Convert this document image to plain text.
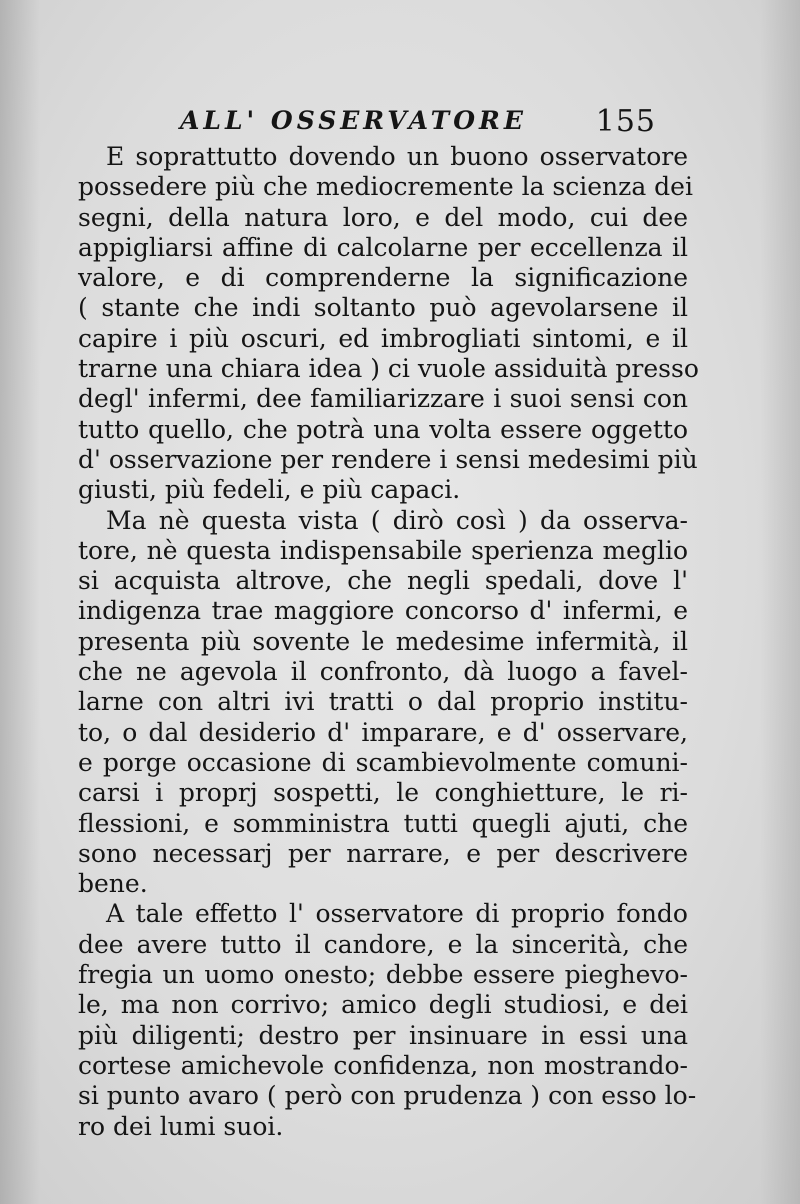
ALL' OSSERVATORE 155
E soprattutto dovendo un buono osservatore
possedere più che mediocremente la scienza dei
segni, della natura loro, e del modo, cui dee
appigliarsi affine di calcolarne per eccellenza il
valore, e di comprenderne la significazione
( stante che indi soltanto può agevolarsene il
capire i più oscuri, ed imbrogliati sintomi, e il
trarne una chiara idea ) ci vuole assiduità presso
degl' infermi, dee familiarizzare i suoi sensi con
tutto quello, che potrà una volta essere oggetto
d' osservazione per rendere i sensi medesimi più
giusti, più fedeli, e più capaci.
Ma nè questa vista ( dirò così ) da osserva-
tore, nè questa indispensabile sperienza meglio
si acquista altrove, che negli spedali, dove l'
indigenza trae maggiore concorso d' infermi, e
presenta più sovente le medesime infermità, il
che ne agevola il confronto, dà luogo a favel-
larne con altri ivi tratti o dal proprio institu-
to, o dal desiderio d' imparare, e d' osservare,
e porge occasione di scambievolmente comuni-
carsi i proprj sospetti, le conghietture, le ri-
flessioni, e somministra tutti quegli ajuti, che
sono necessarj per narrare, e per descrivere
bene.
A tale effetto l' osservatore di proprio fondo
dee avere tutto il candore, e la sincerità, che
fregia un uomo onesto; debbe essere pieghevo-
le, ma non corrivo; amico degli studiosi, e dei
più diligenti; destro per insinuare in essi una
cortese amichevole confidenza, non mostrando-
si punto avaro ( però con prudenza ) con esso lo-
ro dei lumi suoi.
